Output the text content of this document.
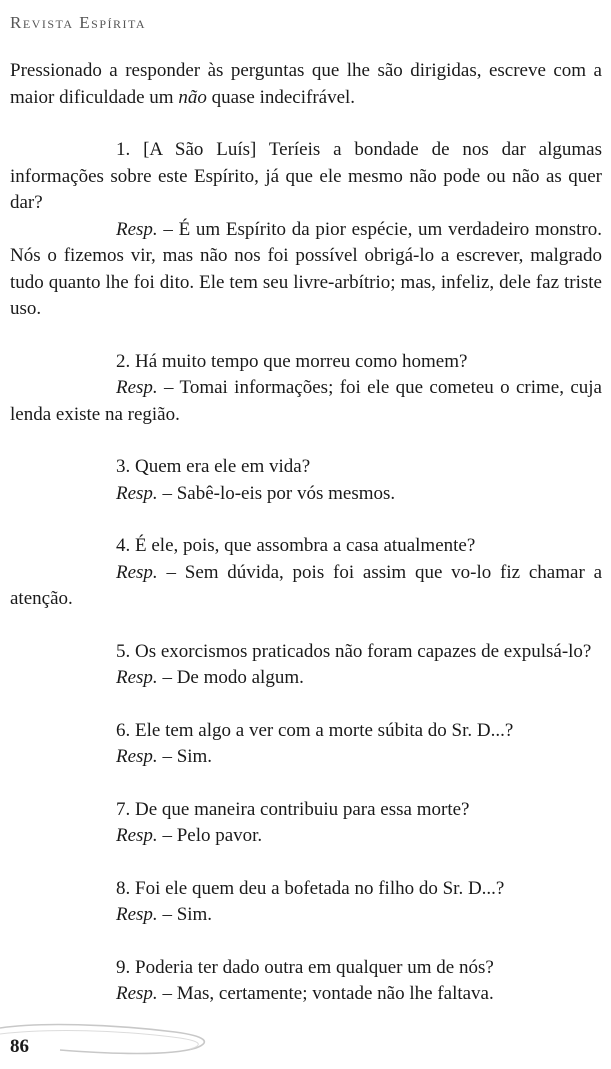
Revista Espírita

Pressionado a responder às perguntas que lhe são dirigidas, escreve com a maior dificuldade um não quase indecifrável.

1. [A São Luís] Teríeis a bondade de nos dar algumas informações sobre este Espírito, já que ele mesmo não pode ou não as quer dar?

Resp. – É um Espírito da pior espécie, um verdadeiro monstro. Nós o fizemos vir, mas não nos foi possível obrigá-lo a escrever, malgrado tudo quanto lhe foi dito. Ele tem seu livre-arbítrio; mas, infeliz, dele faz triste uso.

2. Há muito tempo que morreu como homem?

Resp. – Tomai informações; foi ele que cometeu o crime, cuja lenda existe na região.

3. Quem era ele em vida?

Resp. – Sabê-lo-eis por vós mesmos.

4. É ele, pois, que assombra a casa atualmente?

Resp. – Sem dúvida, pois foi assim que vo-lo fiz chamar a atenção.

5. Os exorcismos praticados não foram capazes de expulsá-lo?

Resp. – De modo algum.

6. Ele tem algo a ver com a morte súbita do Sr. D...?

Resp. – Sim.

7. De que maneira contribuiu para essa morte?

Resp. – Pelo pavor.

8. Foi ele quem deu a bofetada no filho do Sr. D...?

Resp. – Sim.

9. Poderia ter dado outra em qualquer um de nós?

Resp. – Mas, certamente; vontade não lhe faltava.

86
